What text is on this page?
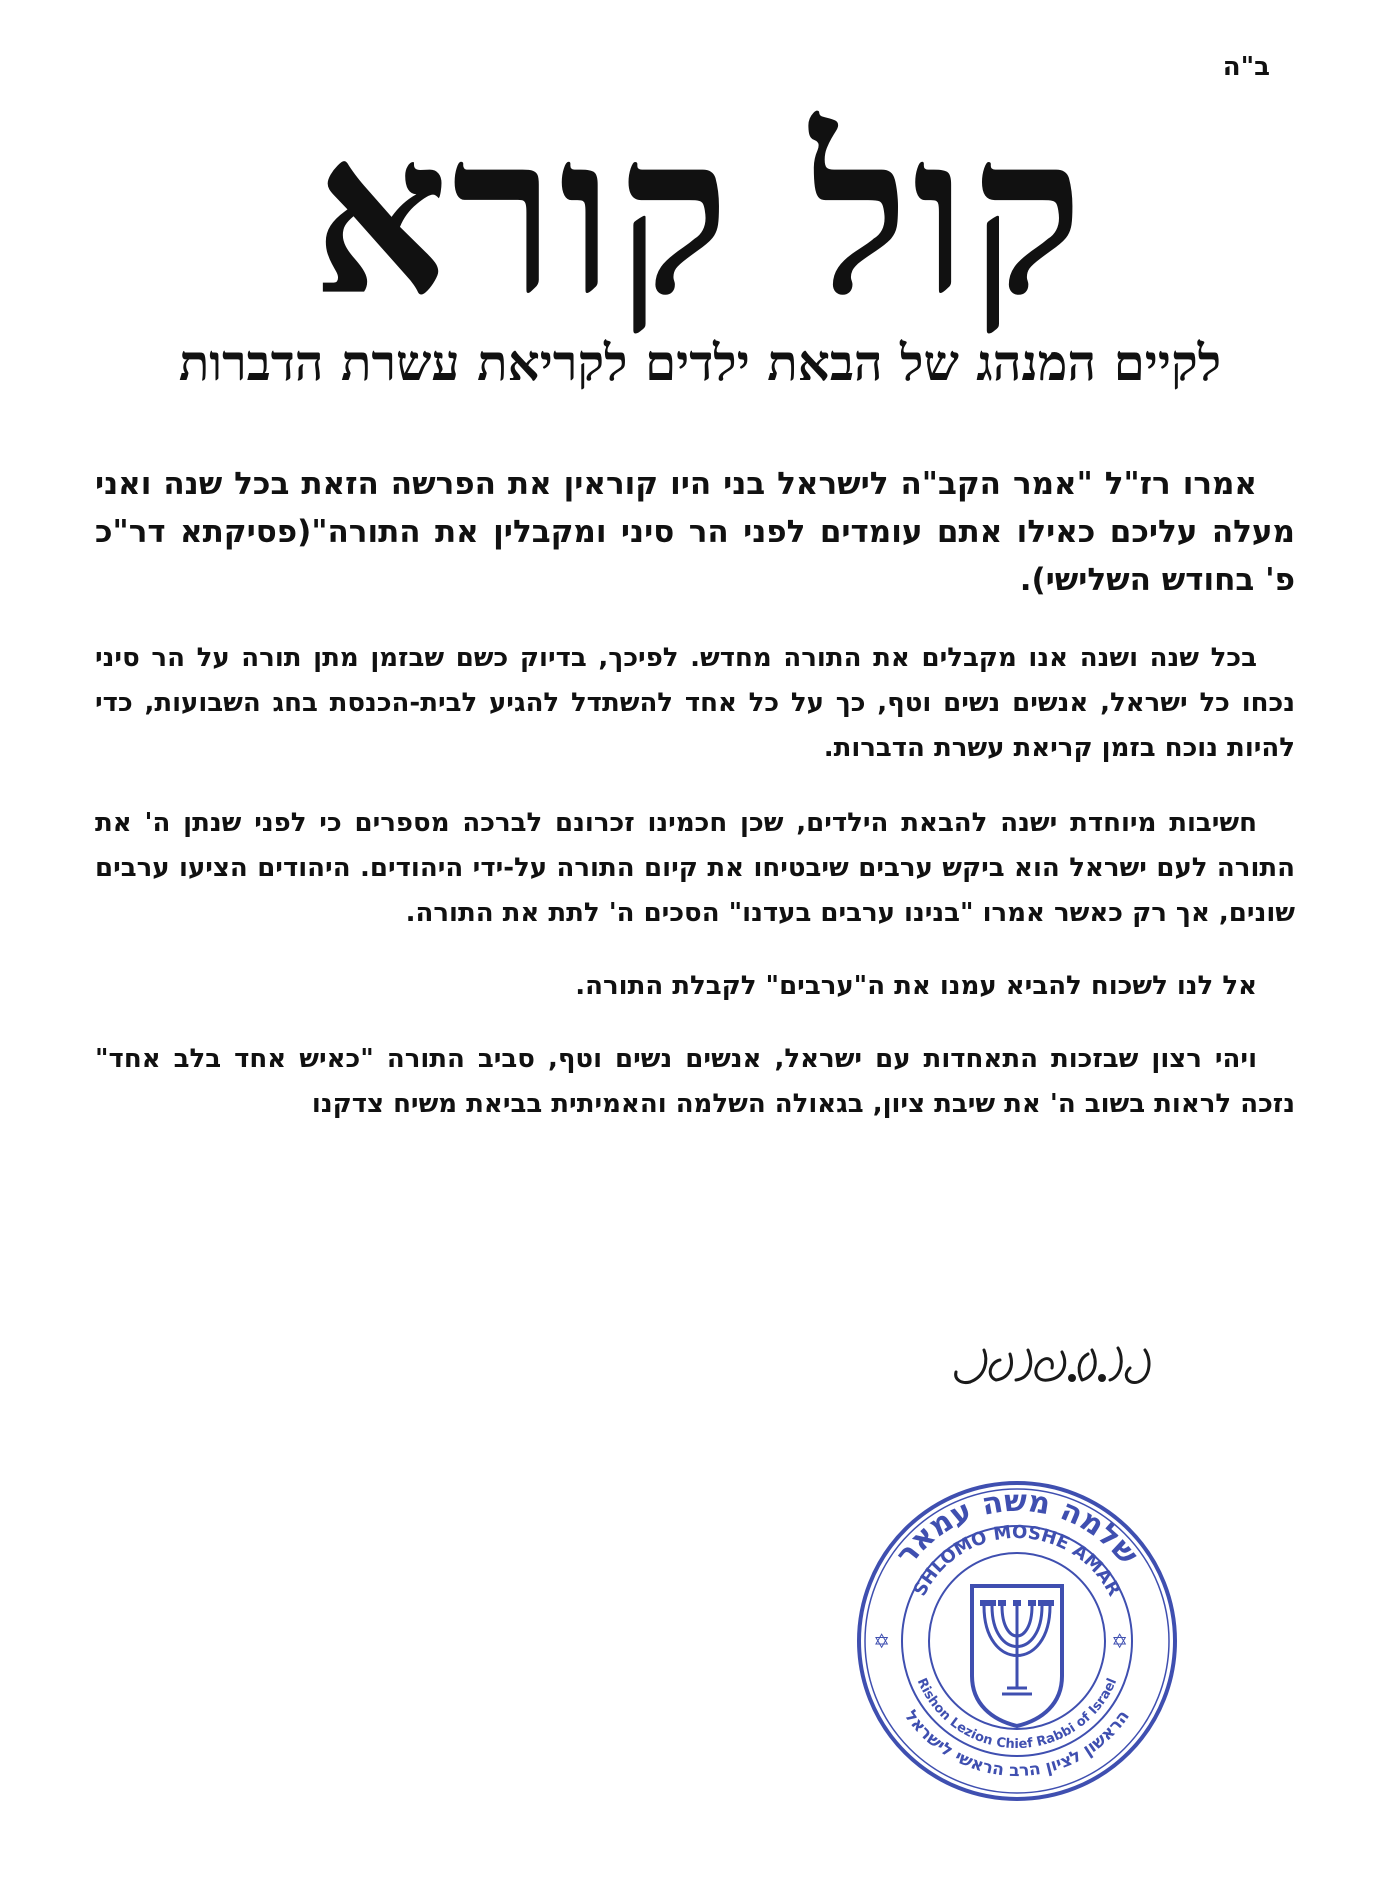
ב"ה
קול קורא
לקיים המנהג של הבאת ילדים לקריאת עשרת הדברות

אמרו רז"ל "אמר הקב"ה לישראל בני היו קוראין את הפרשה הזאת בכל שנה ואני מעלה עליכם כאילו אתם עומדים לפני הר סיני ומקבלין את התורה"(פסיקתא דר"כ פ' בחודש השלישי).

בכל שנה ושנה אנו מקבלים את התורה מחדש. לפיכך, בדיוק כשם שבזמן מתן תורה על הר סיני נכחו כל ישראל, אנשים נשים וטף, כך על כל אחד להשתדל להגיע לבית-הכנסת בחג השבועות, כדי להיות נוכח בזמן קריאת עשרת הדברות.

חשיבות מיוחדת ישנה להבאת הילדים, שכן חכמינו זכרונם לברכה מספרים כי לפני שנתן ה' את התורה לעם ישראל הוא ביקש ערבים שיבטיחו את קיום התורה על-ידי היהודים. היהודים הציעו ערבים שונים, אך רק כאשר אמרו "בנינו ערבים בעדנו" הסכים ה' לתת את התורה.

אל לנו לשכוח להביא עמנו את ה"ערבים" לקבלת התורה.

ויהי רצון שבזכות התאחדות עם ישראל, אנשים נשים וטף, סביב התורה "כאיש אחד בלב אחד" נזכה לראות בשוב ה' את שיבת ציון, בגאולה השלמה והאמיתית בביאת משיח צדקנו

שלמה משה עמאר
הראשון לציון הרב הראשי לישראל
SHLOMO MOSHE AMAR
Rishon Lezion Chief Rabbi of Israel
✡	✡
